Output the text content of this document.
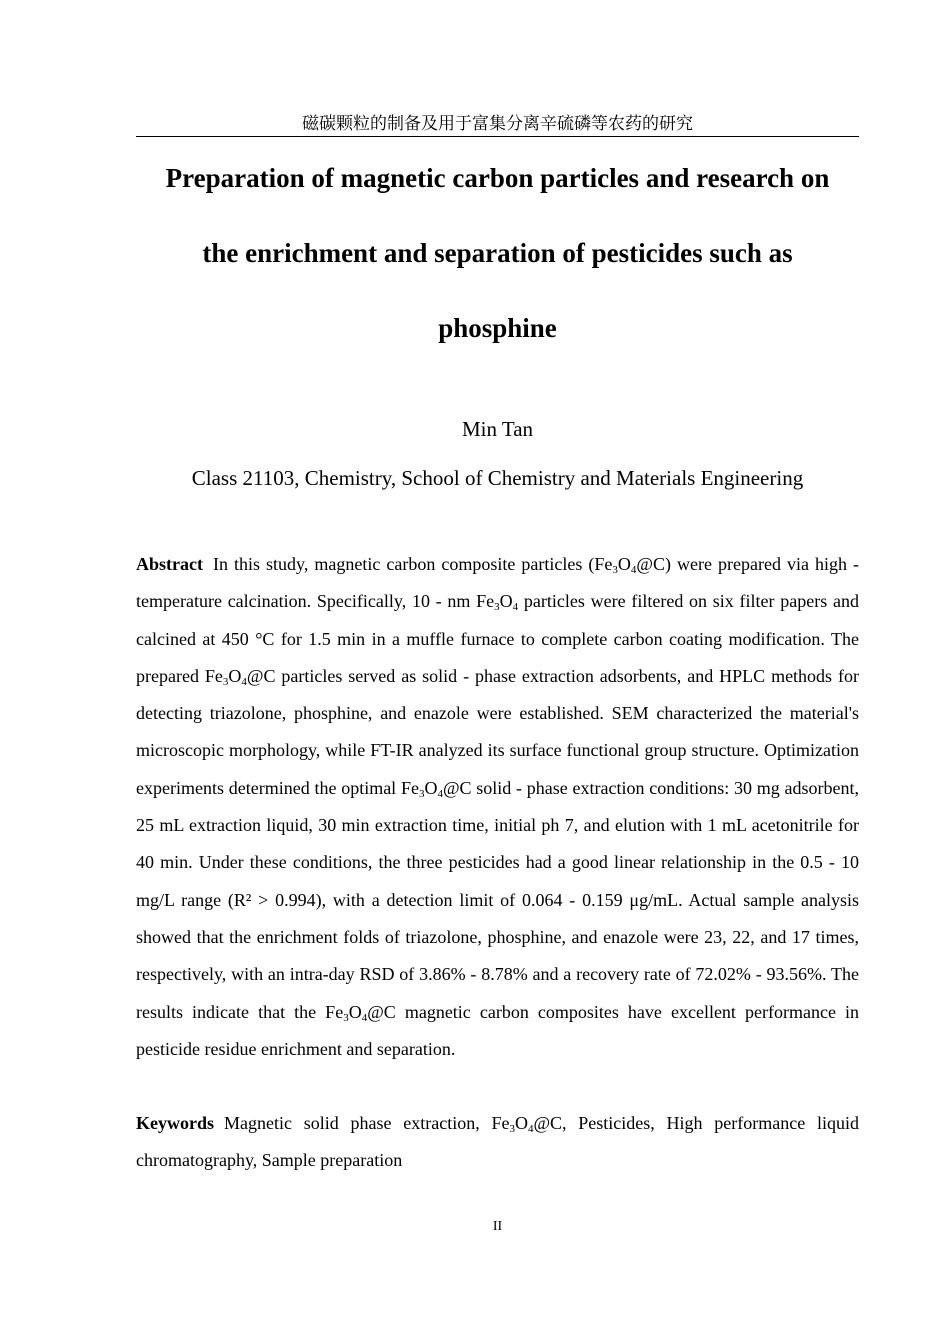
磁碳颗粒的制备及用于富集分离辛硫磷等农药的研究
Preparation of magnetic carbon particles and research on
the enrichment and separation of pesticides such as
phosphine
Min Tan
Class 21103, Chemistry, School of Chemistry and Materials Engineering

Abstract In this study, magnetic carbon composite particles $(Fe_3O_4@C)$ were prepared via high - temperature calcination. Specifically, 10 - nm $Fe_3O_4$ particles were filtered on six filter papers and calcined at 450 °C for 1.5 min in a muffle furnace to complete carbon coating modification. The prepared $Fe_3O_4@C$ particles served as solid - phase extraction adsorbents, and HPLC methods for detecting triazolone, phosphine, and enazole were established. SEM characterized the material's microscopic morphology, while FT-IR analyzed its surface functional group structure. Optimization experiments determined the optimal $Fe_3O_4@C$ solid - phase extraction conditions: 30 mg adsorbent, 25 mL extraction liquid, 30 min extraction time, initial ph 7, and elution with 1 mL acetonitrile for 40 min. Under these conditions, the three pesticides had a good linear relationship in the 0.5 - 10 mg/L range (R² > 0.994), with a detection limit of 0.064 - 0.159 μg/mL. Actual sample analysis showed that the enrichment folds of triazolone, phosphine, and enazole were 23, 22, and 17 times, respectively, with an intra-day RSD of 3.86% - 8.78% and a recovery rate of 72.02% - 93.56%. The results indicate that the $Fe_3O_4@C$ magnetic carbon composites have excellent performance in pesticide residue enrichment and separation.

Keywords Magnetic solid phase extraction, $Fe_3O_4@C$, Pesticides, High performance liquid chromatography, Sample preparation

II
